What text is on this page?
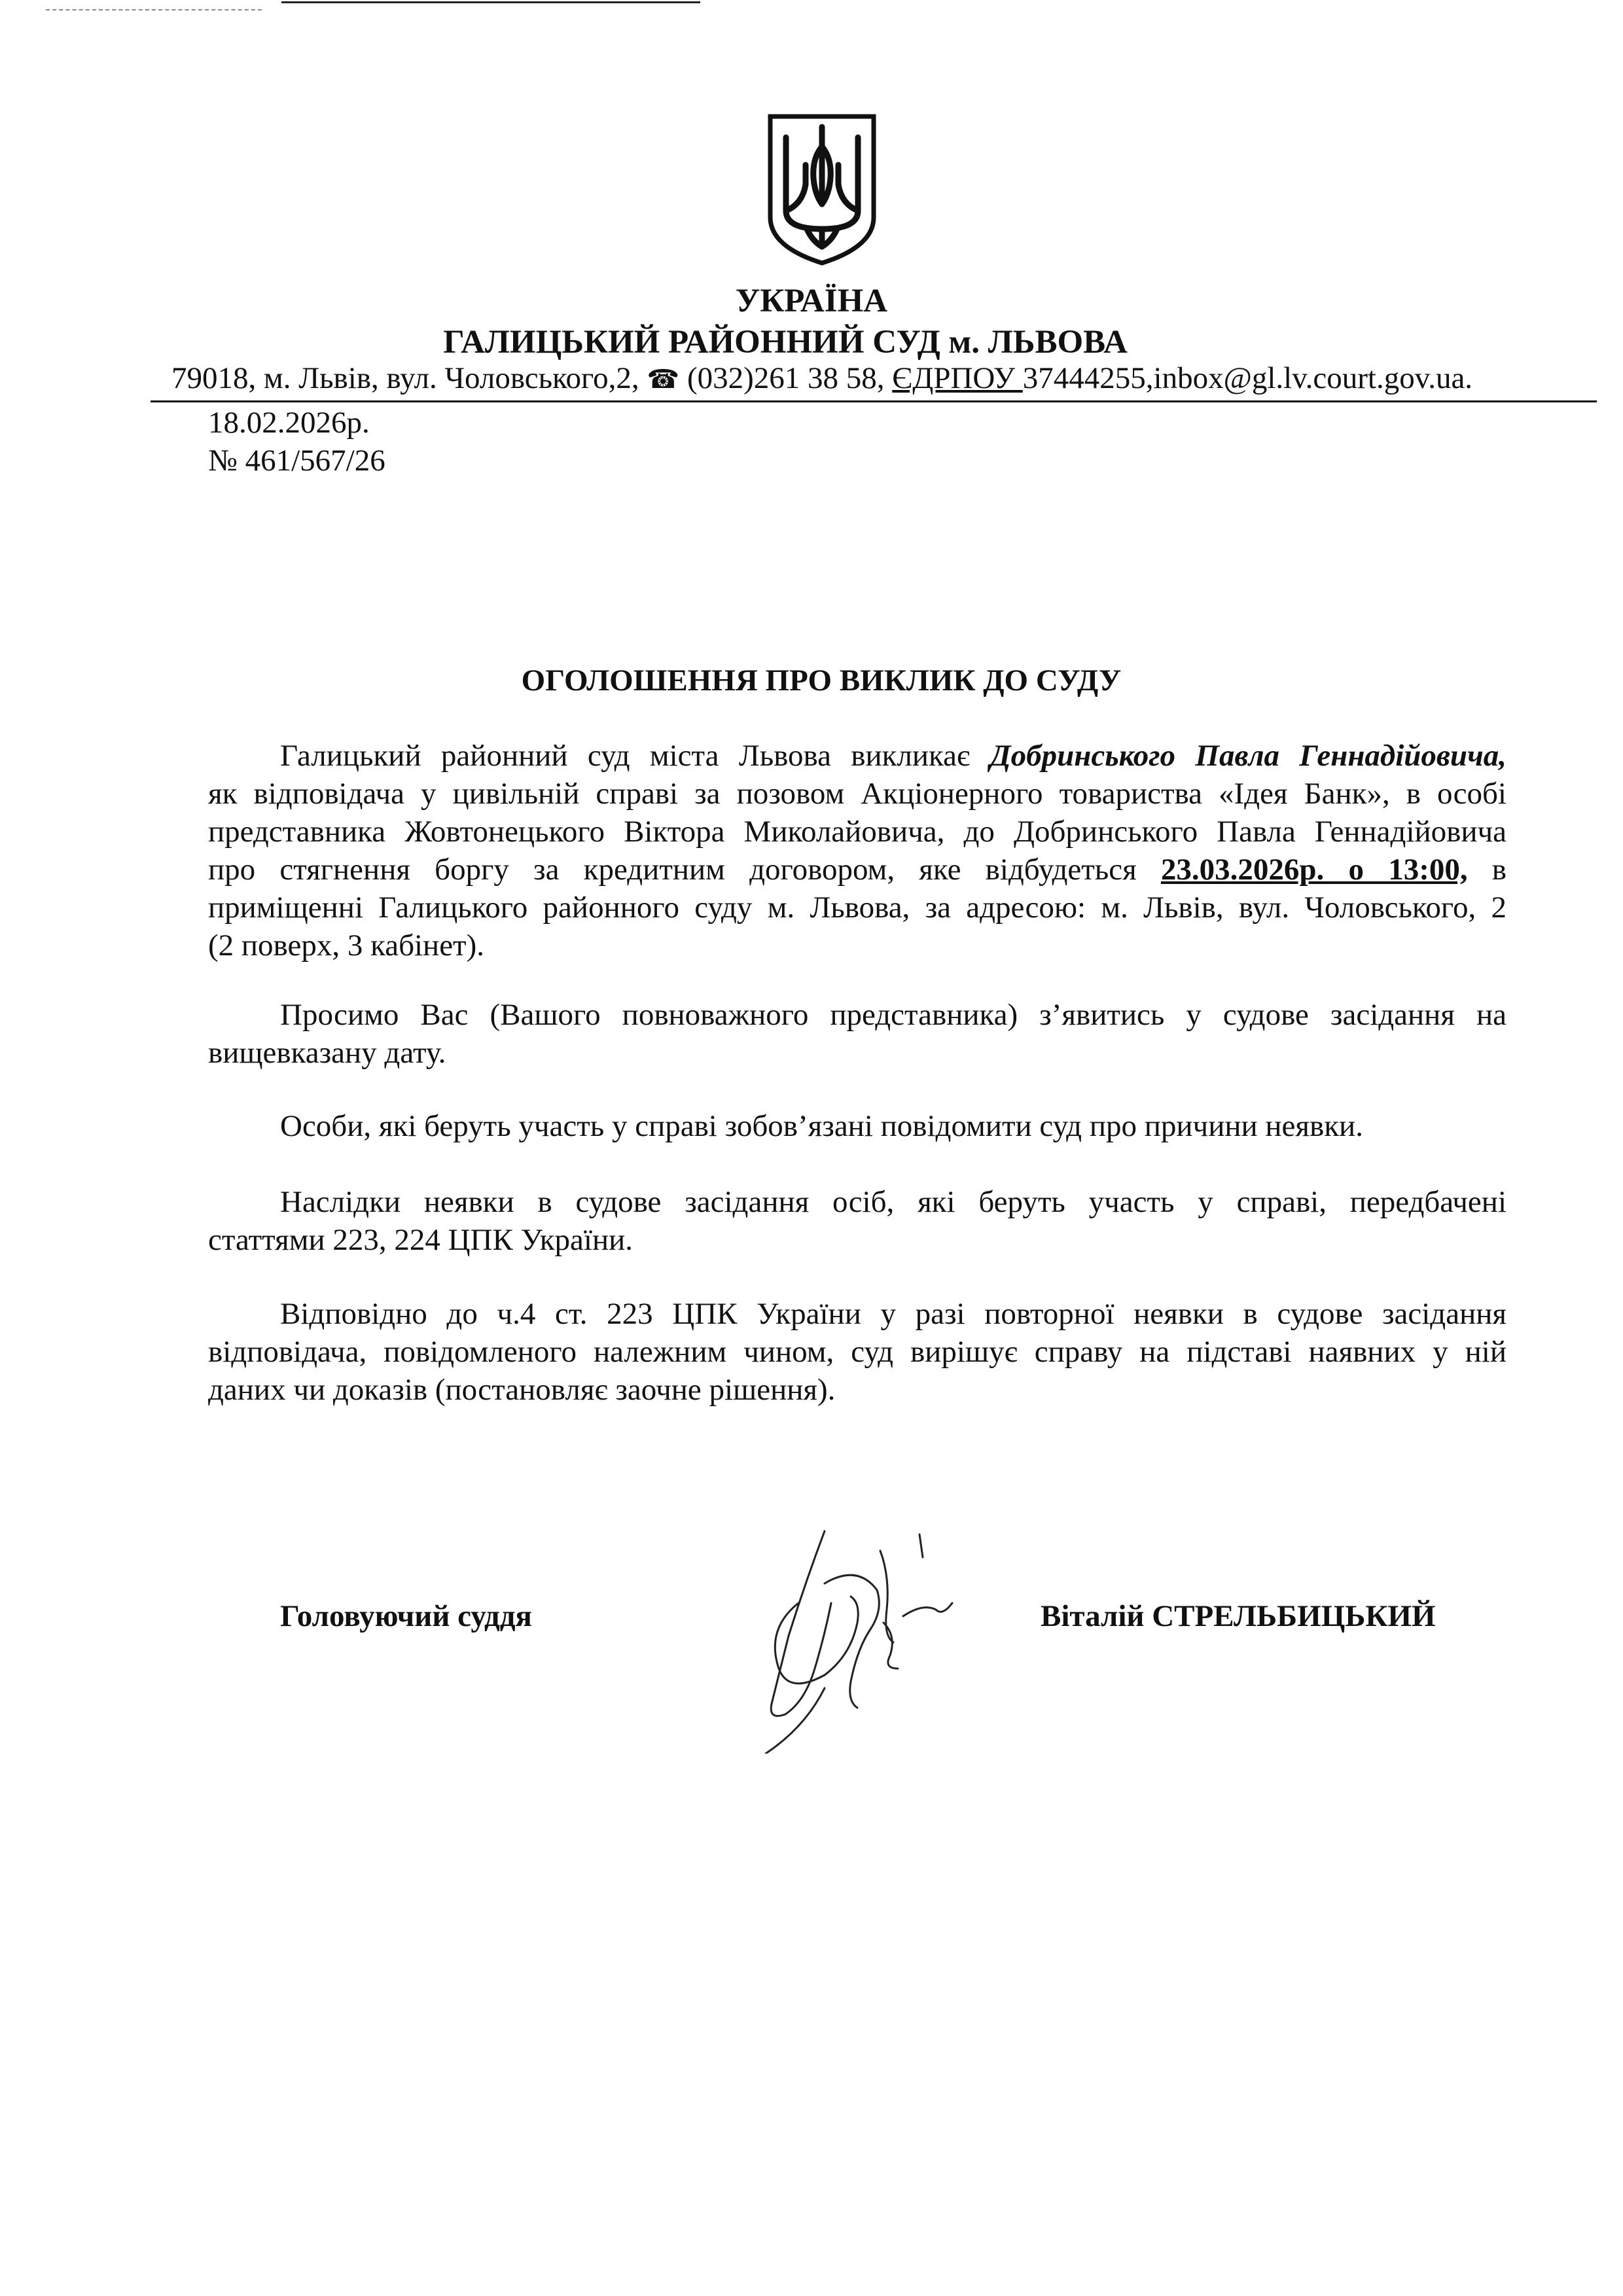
УКРАЇНА
ГАЛИЦЬКИЙ РАЙОННИЙ СУД м. ЛЬВОВА
79018, м. Львів, вул. Чоловського,2, ☎ (032)261 38 58, ЄДРПОУ 37444255,inbox@gl.lv.court.gov.ua.
18.02.2026р.
№ 461/567/26
ОГОЛОШЕННЯ ПРО ВИКЛИК ДО СУДУ
Галицький районний суд міста Львова викликає Добринського Павла Геннадійовича,
як відповідача у цивільній справі за позовом Акціонерного товариства «Ідея Банк», в особі
представника Жовтонецького Віктора Миколайовича, до Добринського Павла Геннадійовича
про стягнення боргу за кредитним договором, яке відбудеться 23.03.2026р. о 13:00, в
приміщенні Галицького районного суду м. Львова, за адресою: м. Львів, вул. Чоловського, 2
(2 поверх, 3 кабінет).
Просимо Вас (Вашого повноважного представника) з’явитись у судове засідання на
вищевказану дату.
Особи, які беруть участь у справі зобов’язані повідомити суд про причини неявки.
Наслідки неявки в судове засідання осіб, які беруть участь у справі, передбачені
статтями 223, 224 ЦПК України.
Відповідно до ч.4 ст. 223 ЦПК України у разі повторної неявки в судове засідання
відповідача, повідомленого належним чином, суд вирішує справу на підставі наявних у ній
даних чи доказів (постановляє заочне рішення).
Головуючий суддя	Віталій СТРЕЛЬБИЦЬКИЙ
